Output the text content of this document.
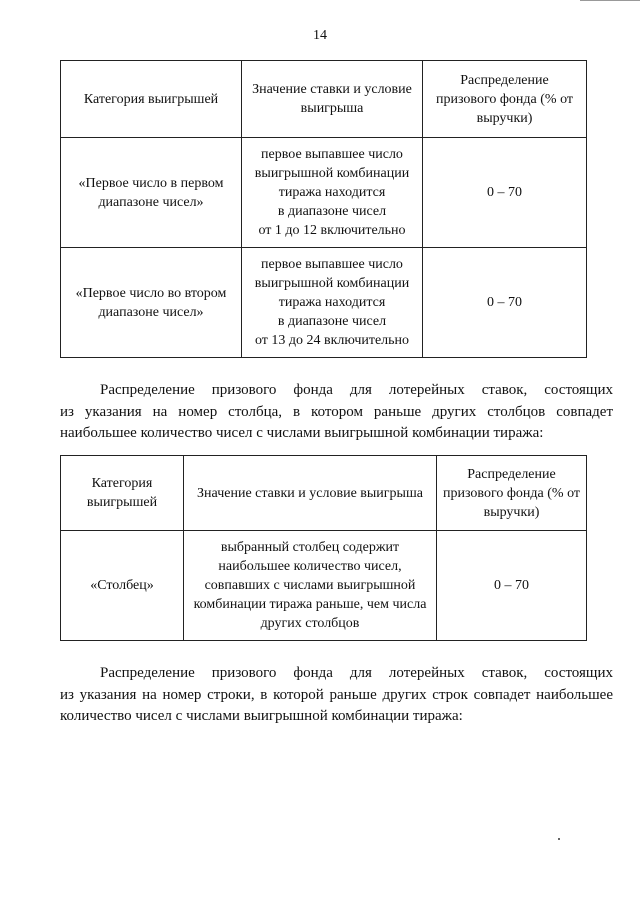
14
Категория выигрышей	Значение ставки и условие выигрыша	Распределение призового фонда (% от выручки)
«Первое число в первом диапазоне чисел»	первое выпавшее число
выигрышной комбинации
тиража находится
в диапазоне чисел
от 1 до 12 включительно	0 – 70
«Первое число во втором диапазоне чисел»	первое выпавшее число
выигрышной комбинации
тиража находится
в диапазоне чисел
от 13 до 24 включительно	0 – 70
Распределение призового фонда для лотерейных ставок, состоящих
из указания на номер столбца, в котором раньше других столбцов совпадет
наибольшее количество чисел с числами выигрышной комбинации тиража:
Категория выигрышей	Значение ставки и условие выигрыша	Распределение призового фонда (% от выручки)
«Столбец»	выбранный столбец содержит
наибольшее количество чисел,
совпавших с числами выигрышной
комбинации тиража раньше, чем числа
других столбцов	0 – 70
Распределение призового фонда для лотерейных ставок, состоящих
из указания на номер строки, в которой раньше других строк совпадет наибольшее
количество чисел с числами выигрышной комбинации тиража:
